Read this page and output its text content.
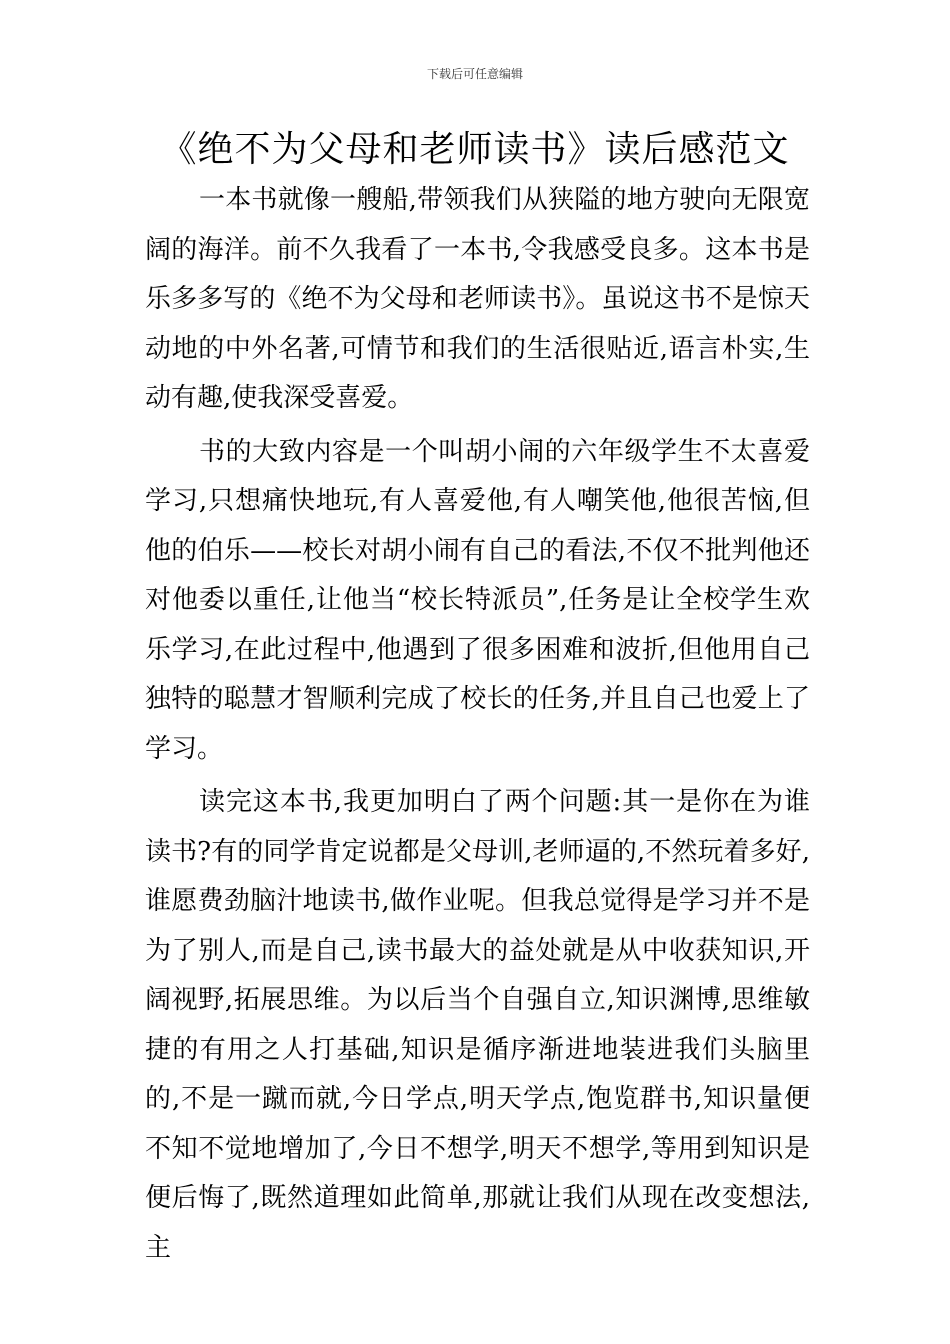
下载后可任意编辑
《绝不为父母和老师读书》读后感范文

一本书就像一艘船,带领我们从狭隘的地方驶向无限宽阔的海洋。前不久我看了一本书,令我感受良多。这本书是乐多多写的《绝不为父母和老师读书》。虽说这书不是惊天动地的中外名著,可情节和我们的生活很贴近,语言朴实,生动有趣,使我深受喜爱。

书的大致内容是一个叫胡小闹的六年级学生不太喜爱学习,只想痛快地玩,有人喜爱他,有人嘲笑他,他很苦恼,但他的伯乐——校长对胡小闹有自己的看法,不仅不批判他还对他委以重任,让他当“校长特派员”,任务是让全校学生欢乐学习,在此过程中,他遇到了很多困难和波折,但他用自己独特的聪慧才智顺利完成了校长的任务,并且自己也爱上了学习。

读完这本书,我更加明白了两个问题:其一是你在为谁读书?有的同学肯定说都是父母训,老师逼的,不然玩着多好,谁愿费劲脑汁地读书,做作业呢。但我总觉得是学习并不是为了别人,而是自己,读书最大的益处就是从中收获知识,开阔视野,拓展思维。为以后当个自强自立,知识渊博,思维敏捷的有用之人打基础,知识是循序渐进地装进我们头脑里的,不是一蹴而就,今日学点,明天学点,饱览群书,知识量便不知不觉地增加了,今日不想学,明天不想学,等用到知识是便后悔了,既然道理如此简单,那就让我们从现在改变想法,主
